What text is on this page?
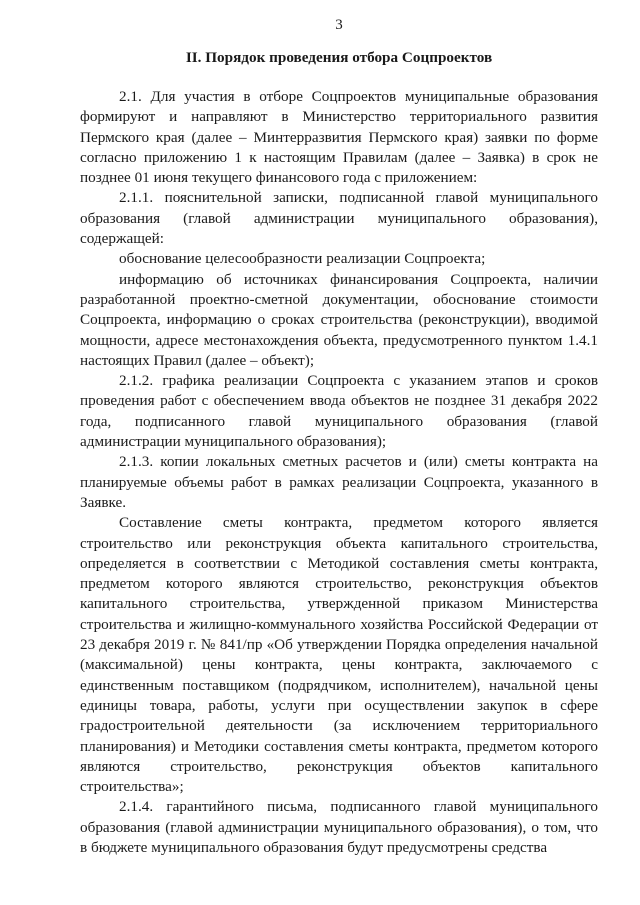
3
II. Порядок проведения отбора Соцпроектов

2.1. Для участия в отборе Соцпроектов муниципальные образования формируют и направляют в Министерство территориального развития Пермского края (далее – Минтерразвития Пермского края) заявки по форме согласно приложению 1 к настоящим Правилам (далее – Заявка) в срок не позднее 01 июня текущего финансового года с приложением:

2.1.1. пояснительной записки, подписанной главой муниципального образования (главой администрации муниципального образования), содержащей:

обоснование целесообразности реализации Соцпроекта;

информацию об источниках финансирования Соцпроекта, наличии разработанной проектно-сметной документации, обоснование стоимости Соцпроекта, информацию о сроках строительства (реконструкции), вводимой мощности, адресе местонахождения объекта, предусмотренного пунктом 1.4.1 настоящих Правил (далее – объект);

2.1.2. графика реализации Соцпроекта с указанием этапов и сроков проведения работ с обеспечением ввода объектов не позднее 31 декабря 2022 года, подписанного главой муниципального образования (главой администрации муниципального образования);

2.1.3. копии локальных сметных расчетов и (или) сметы контракта на планируемые объемы работ в рамках реализации Соцпроекта, указанного в Заявке.

Составление сметы контракта, предметом которого является строительство или реконструкция объекта капитального строительства, определяется в соответствии с Методикой составления сметы контракта, предметом которого являются строительство, реконструкция объектов капитального строительства, утвержденной приказом Министерства строительства и жилищно-коммунального хозяйства Российской Федерации от 23 декабря 2019 г. № 841/пр «Об утверждении Порядка определения начальной (максимальной) цены контракта, цены контракта, заключаемого с единственным поставщиком (подрядчиком, исполнителем), начальной цены единицы товара, работы, услуги при осуществлении закупок в сфере градостроительной деятельности (за исключением территориального планирования) и Методики составления сметы контракта, предметом которого являются строительство, реконструкция объектов капитального строительства»;

2.1.4. гарантийного письма, подписанного главой муниципального образования (главой администрации муниципального образования), о том, что в бюджете муниципального образования будут предусмотрены средства
